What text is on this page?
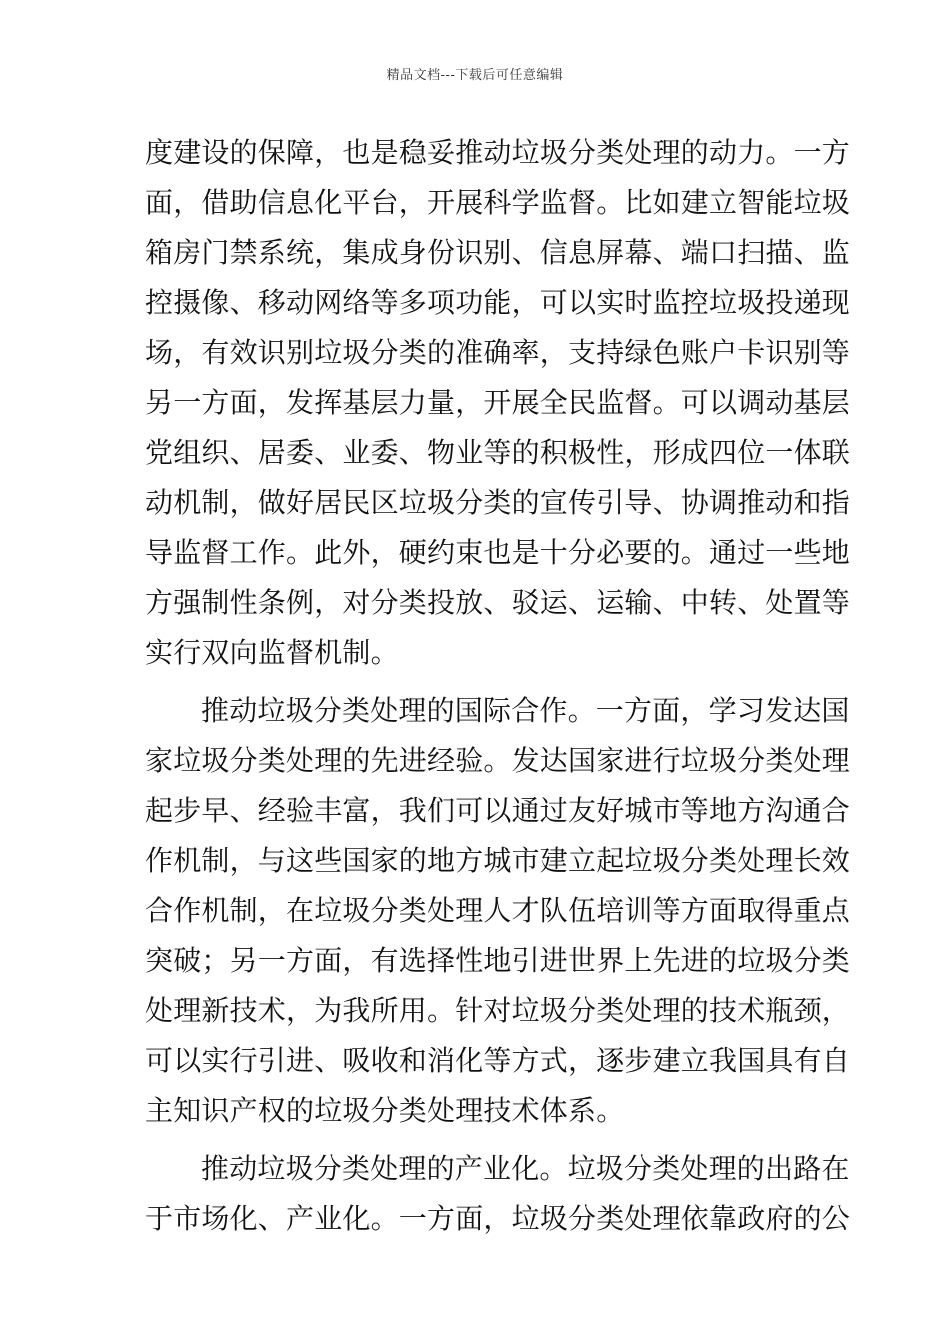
精品文档---下载后可任意编辑
度建设的保障，也是稳妥推动垃圾分类处理的动力。一方
面，借助信息化平台，开展科学监督。比如建立智能垃圾
箱房门禁系统，集成身份识别、信息屏幕、端口扫描、监
控摄像、移动网络等多项功能，可以实时监控垃圾投递现
场，有效识别垃圾分类的准确率，支持绿色账户卡识别等
另一方面，发挥基层力量，开展全民监督。可以调动基层
党组织、居委、业委、物业等的积极性，形成四位一体联
动机制，做好居民区垃圾分类的宣传引导、协调推动和指
导监督工作。此外，硬约束也是十分必要的。通过一些地
方强制性条例，对分类投放、驳运、运输、中转、处置等
实行双向监督机制。
推动垃圾分类处理的国际合作。一方面，学习发达国
家垃圾分类处理的先进经验。发达国家进行垃圾分类处理
起步早、经验丰富，我们可以通过友好城市等地方沟通合
作机制，与这些国家的地方城市建立起垃圾分类处理长效
合作机制，在垃圾分类处理人才队伍培训等方面取得重点
突破；另一方面，有选择性地引进世界上先进的垃圾分类
处理新技术，为我所用。针对垃圾分类处理的技术瓶颈，
可以实行引进、吸收和消化等方式，逐步建立我国具有自
主知识产权的垃圾分类处理技术体系。
推动垃圾分类处理的产业化。垃圾分类处理的出路在
于市场化、产业化。一方面，垃圾分类处理依靠政府的公
